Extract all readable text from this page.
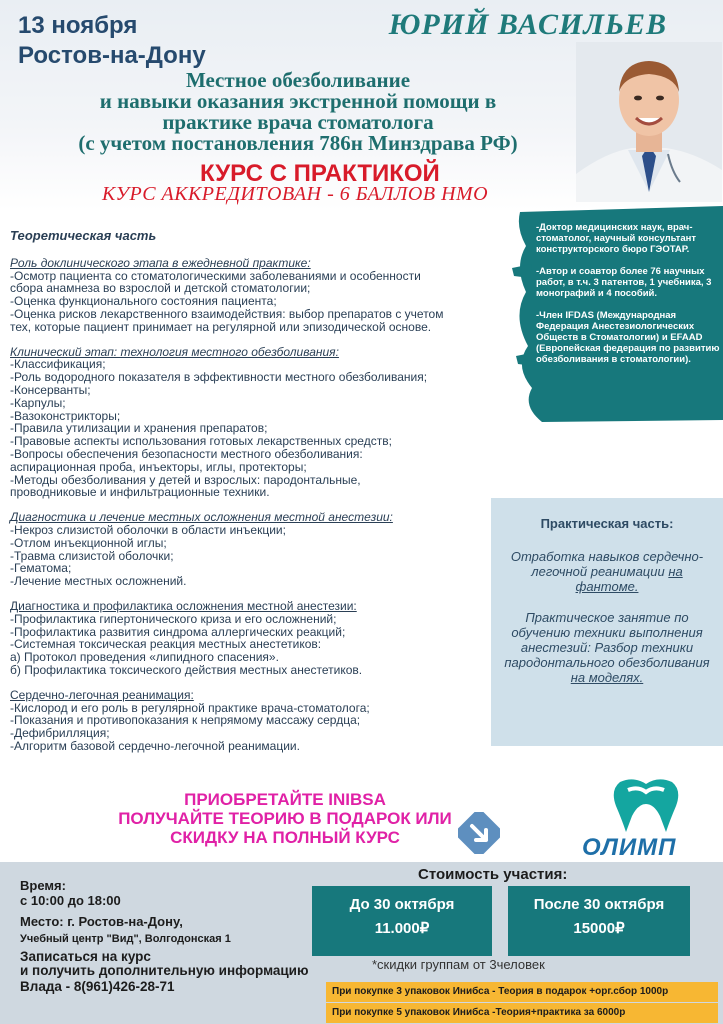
13 ноября
Ростов-на-Дону
ЮРИЙ ВАСИЛЬЕВ
Местное обезболивание
и навыки оказания экстренной помощи в
практике врача стоматолога
(с учетом постановления 786н Минздрава РФ)
КУРС С ПРАКТИКОЙ
КУРС АККРЕДИТОВАН - 6 БАЛЛОВ НМО
Теоретическая часть
Роль доклинического этапа в ежедневной практике:
-Осмотр пациента со стоматологическими заболеваниями и особенности
сбора анамнеза во взрослой и детской стоматологии;
-Оценка функционального состояния пациента;
-Оценка рисков лекарственного взаимодействия: выбор препаратов с учетом
тех, которые пациент принимает на регулярной или эпизодической основе.
Клинический этап: технология местного обезболивания:
-Классификация;
-Роль водородного показателя в эффективности местного обезболивания;
-Консерванты;
-Карпулы;
-Вазоконстрикторы;
-Правила утилизации и хранения препаратов;
-Правовые аспекты использования готовых лекарственных средств;
-Вопросы обеспечения безопасности местного обезболивания:
аспирационная проба, инъекторы, иглы, протекторы;
-Методы обезболивания у детей и взрослых: пародонтальные,
проводниковые и инфильтрационные техники.
Диагностика и лечение местных осложнения местной анестезии:
-Некроз слизистой оболочки в области инъекции;
-Отлом инъекционной иглы;
-Травма слизистой оболочки;
-Гематома;
-Лечение местных осложнений.
Диагностика и профилактика осложнения местной анестезии:
-Профилактика гипертонического криза и его осложнений;
-Профилактика развития синдрома аллергических реакций;
-Системная токсическая реакция местных анестетиков:
а) Протокол проведения «липидного спасения».
б) Профилактика токсического действия местных анестетиков.
Сердечно-легочная реанимация:
-Кислород и его роль в регулярной практике врача-стоматолога;
-Показания и противопоказания к непрямому массажу сердца;
-Дефибрилляция;
-Алгоритм базовой сердечно-легочной реанимации.

-Доктор медицинских наук, врач-стоматолог, научный консультант конструкторского бюро ГЭОТАР.

-Автор и соавтор более 76 научных работ, в т.ч. 3 патентов, 1 учебника, 3 монографий и 4 пособий.

-Член IFDAS (Международная Федерация Анестезиологических Обществ в Стоматологии) и EFAAD (Европейская федерация по развитию обезболивания в стоматологии).

Практическая часть:
Отработка навыков сердечно-легочной реанимации на фантоме.
Практическое занятие по обучению техники выполнения анестезий: Разбор техники пародонтального обезболивания на моделях.
ПРИОБРЕТАЙТЕ INIBSA
ПОЛУЧАЙТЕ ТЕОРИЮ В ПОДАРОК ИЛИ
СКИДКУ НА ПОЛНЫЙ КУРС	ОЛИМП
Время:
с 10:00 до 18:00
Место: г. Ростов-на-Дону,
Учебный центр "Вид", Волгодонская 1
Записаться на курс
и получить дополнительную информацию
Влада - 8(961)426-28-71
Стоимость участия:
До 30 октября
11.000₽
После 30 октября
15000₽
*скидки группам от 3человек
При покупке 3 упаковок Инибса - Теория в подарок +орг.сбор 1000р
При покупке 5 упаковок Инибса -Теория+практика за 6000р
